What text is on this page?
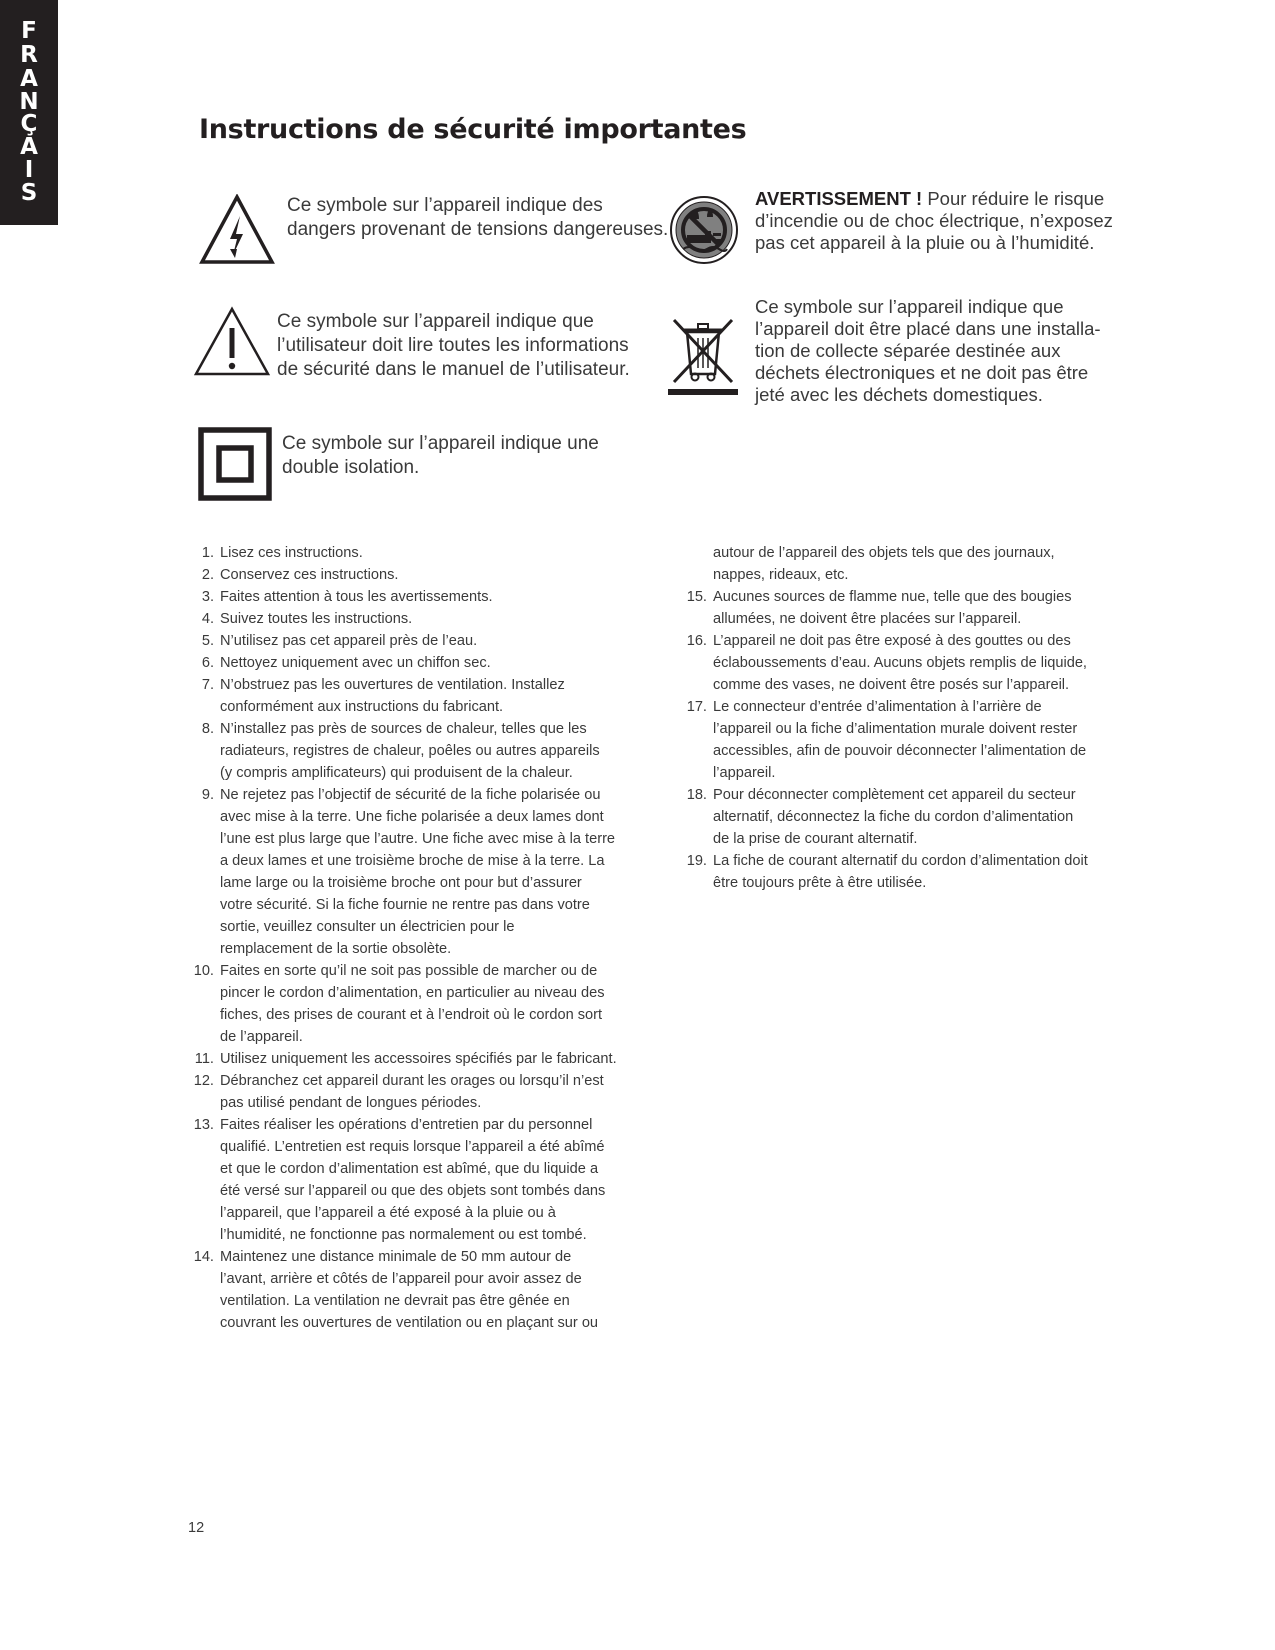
F
R
A
N
Ç
A
I
S
Instructions de sécurité importantes
Ce symbole sur l’appareil indique des
dangers provenant de tensions dangereuses.
Ce symbole sur l’appareil indique que
l’utilisateur doit lire toutes les informations
de sécurité dans le manuel de l’utilisateur.
Ce symbole sur l’appareil indique une
double isolation.
AVERTISSEMENT ! Pour réduire le risque
d’incendie ou de choc électrique, n’exposez
pas cet appareil à la pluie ou à l’humidité.
Ce symbole sur l’appareil indique que
l’appareil doit être placé dans une installa-
tion de collecte séparée destinée aux
déchets électroniques et ne doit pas être
jeté avec les déchets domestiques.
1. Lisez ces instructions.
2. Conservez ces instructions.
3. Faites attention à tous les avertissements.
4. Suivez toutes les instructions.
5. N’utilisez pas cet appareil près de l’eau.
6. Nettoyez uniquement avec un chiffon sec.
7. N’obstruez pas les ouvertures de ventilation. Installez
conformément aux instructions du fabricant.
8. N’installez pas près de sources de chaleur, telles que les
radiateurs, registres de chaleur, poêles ou autres appareils
(y compris amplificateurs) qui produisent de la chaleur.
9. Ne rejetez pas l’objectif de sécurité de la fiche polarisée ou
avec mise à la terre. Une fiche polarisée a deux lames dont
l’une est plus large que l’autre. Une fiche avec mise à la terre
a deux lames et une troisième broche de mise à la terre. La
lame large ou la troisième broche ont pour but d’assurer
votre sécurité. Si la fiche fournie ne rentre pas dans votre
sortie, veuillez consulter un électricien pour le
remplacement de la sortie obsolète.
10. Faites en sorte qu’il ne soit pas possible de marcher ou de
pincer le cordon d’alimentation, en particulier au niveau des
fiches, des prises de courant et à l’endroit où le cordon sort
de l’appareil.
11. Utilisez uniquement les accessoires spécifiés par le fabricant.
12. Débranchez cet appareil durant les orages ou lorsqu’il n’est
pas utilisé pendant de longues périodes.
13. Faites réaliser les opérations d’entretien par du personnel
qualifié. L’entretien est requis lorsque l’appareil a été abîmé
et que le cordon d’alimentation est abîmé, que du liquide a
été versé sur l’appareil ou que des objets sont tombés dans
l’appareil, que l’appareil a été exposé à la pluie ou à
l’humidité, ne fonctionne pas normalement ou est tombé.
14. Maintenez une distance minimale de 50 mm autour de
l’avant, arrière et côtés de l’appareil pour avoir assez de
ventilation. La ventilation ne devrait pas être gênée en
couvrant les ouvertures de ventilation ou en plaçant sur ou
autour de l’appareil des objets tels que des journaux,
nappes, rideaux, etc.
15. Aucunes sources de flamme nue, telle que des bougies
allumées, ne doivent être placées sur l’appareil.
16. L’appareil ne doit pas être exposé à des gouttes ou des
éclaboussements d’eau. Aucuns objets remplis de liquide,
comme des vases, ne doivent être posés sur l’appareil.
17. Le connecteur d’entrée d’alimentation à l’arrière de
l’appareil ou la fiche d’alimentation murale doivent rester
accessibles, afin de pouvoir déconnecter l’alimentation de
l’appareil.
18. Pour déconnecter complètement cet appareil du secteur
alternatif, déconnectez la fiche du cordon d’alimentation
de la prise de courant alternatif.
19. La fiche de courant alternatif du cordon d’alimentation doit
être toujours prête à être utilisée.
12
